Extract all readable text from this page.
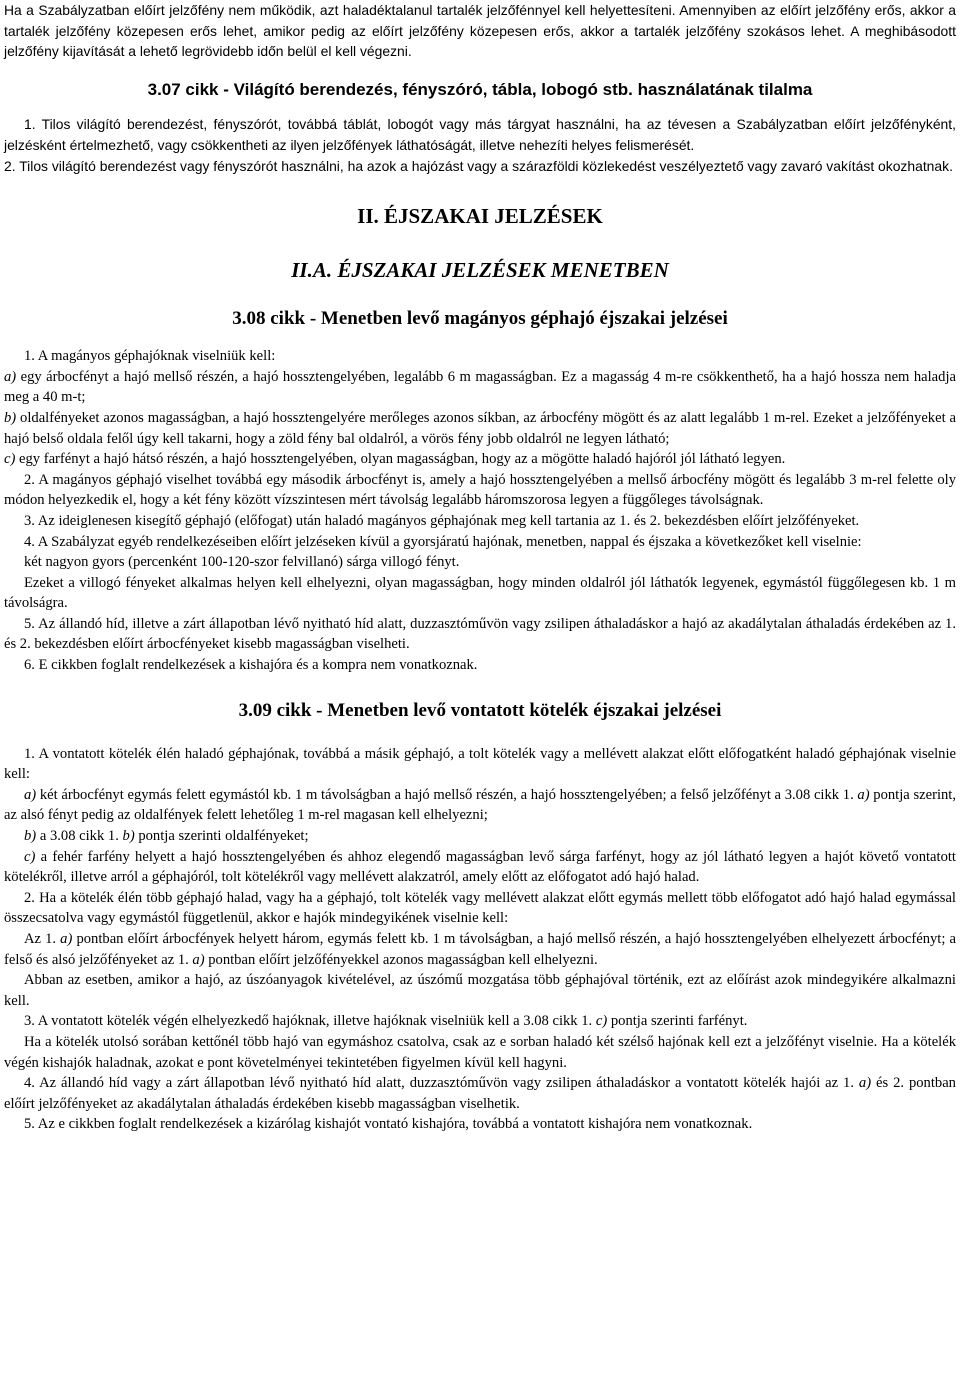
Ha a Szabályzatban előírt jelzőfény nem működik, azt haladéktalanul tartalék jelzőfénnyel kell helyettesíteni. Amennyiben az előírt jelzőfény erős, akkor a tartalék jelzőfény közepesen erős lehet, amikor pedig az előírt jelzőfény közepesen erős, akkor a tartalék jelzőfény szokásos lehet. A meghibásodott jelzőfény kijavítását a lehető legrövidebb időn belül el kell végezni.

3.07 cikk - Világító berendezés, fényszóró, tábla, lobogó stb. használatának tilalma

1. Tilos világító berendezést, fényszórót, továbbá táblát, lobogót vagy más tárgyat használni, ha az tévesen a Szabályzatban előírt jelzőfényként, jelzésként értelmezhető, vagy csökkentheti az ilyen jelzőfények láthatóságát, illetve nehezíti helyes felismerését.

2. Tilos világító berendezést vagy fényszórót használni, ha azok a hajózást vagy a szárazföldi közlekedést veszélyeztető vagy zavaró vakítást okozhatnak.

II. ÉJSZAKAI JELZÉSEK
II.A. ÉJSZAKAI JELZÉSEK MENETBEN
3.08 cikk - Menetben levő magányos géphajó éjszakai jelzései

1. A magányos géphajóknak viselniük kell:

a) egy árbocfényt a hajó mellső részén, a hajó hossztengelyében, legalább 6 m magasságban. Ez a magasság 4 m-re csökkenthető, ha a hajó hossza nem haladja meg a 40 m-t;

b) oldalfényeket azonos magasságban, a hajó hossztengelyére merőleges azonos síkban, az árbocfény mögött és az alatt legalább 1 m-rel. Ezeket a jelzőfényeket a hajó belső oldala felől úgy kell takarni, hogy a zöld fény bal oldalról, a vörös fény jobb oldalról ne legyen látható;

c) egy farfényt a hajó hátsó részén, a hajó hossztengelyében, olyan magasságban, hogy az a mögötte haladó hajóról jól látható legyen.

2. A magányos géphajó viselhet továbbá egy második árbocfényt is, amely a hajó hossztengelyében a mellső árbocfény mögött és legalább 3 m-rel felette oly módon helyezkedik el, hogy a két fény között vízszintesen mért távolság legalább háromszorosa legyen a függőleges távolságnak.

3. Az ideiglenesen kisegítő géphajó (előfogat) után haladó magányos géphajónak meg kell tartania az 1. és 2. bekezdésben előírt jelzőfényeket.

4. A Szabályzat egyéb rendelkezéseiben előírt jelzéseken kívül a gyorsjáratú hajónak, menetben, nappal és éjszaka a következőket kell viselnie:

két nagyon gyors (percenként 100-120-szor felvillanó) sárga villogó fényt.

Ezeket a villogó fényeket alkalmas helyen kell elhelyezni, olyan magasságban, hogy minden oldalról jól láthatók legyenek, egymástól függőlegesen kb. 1 m távolságra.

5. Az állandó híd, illetve a zárt állapotban lévő nyitható híd alatt, duzzasztóművön vagy zsilipen áthaladáskor a hajó az akadálytalan áthaladás érdekében az 1. és 2. bekezdésben előírt árbocfényeket kisebb magasságban viselheti.

6. E cikkben foglalt rendelkezések a kishajóra és a kompra nem vonatkoznak.

3.09 cikk - Menetben levő vontatott kötelék éjszakai jelzései

1. A vontatott kötelék élén haladó géphajónak, továbbá a másik géphajó, a tolt kötelék vagy a mellévett alakzat előtt előfogatként haladó géphajónak viselnie kell:

a) két árbocfényt egymás felett egymástól kb. 1 m távolságban a hajó mellső részén, a hajó hossztengelyében; a felső jelzőfényt a 3.08 cikk 1. a) pontja szerint, az alsó fényt pedig az oldalfények felett lehetőleg 1 m-rel magasan kell elhelyezni;

b) a 3.08 cikk 1. b) pontja szerinti oldalfényeket;

c) a fehér farfény helyett a hajó hossztengelyében és ahhoz elegendő magasságban levő sárga farfényt, hogy az jól látható legyen a hajót követő vontatott kötelékről, illetve arról a géphajóról, tolt kötelékről vagy mellévett alakzatról, amely előtt az előfogatot adó hajó halad.

2. Ha a kötelék élén több géphajó halad, vagy ha a géphajó, tolt kötelék vagy mellévett alakzat előtt egymás mellett több előfogatot adó hajó halad egymással összecsatolva vagy egymástól függetlenül, akkor e hajók mindegyikének viselnie kell:

Az 1. a) pontban előírt árbocfények helyett három, egymás felett kb. 1 m távolságban, a hajó mellső részén, a hajó hossztengelyében elhelyezett árbocfényt; a felső és alsó jelzőfényeket az 1. a) pontban előírt jelzőfényekkel azonos magasságban kell elhelyezni.

Abban az esetben, amikor a hajó, az úszóanyagok kivételével, az úszómű mozgatása több géphajóval történik, ezt az előírást azok mindegyikére alkalmazni kell.

3. A vontatott kötelék végén elhelyezkedő hajóknak, illetve hajóknak viselniük kell a 3.08 cikk 1. c) pontja szerinti farfényt.

Ha a kötelék utolsó sorában kettőnél több hajó van egymáshoz csatolva, csak az e sorban haladó két szélső hajónak kell ezt a jelzőfényt viselnie. Ha a kötelék végén kishajók haladnak, azokat e pont követelményei tekintetében figyelmen kívül kell hagyni.

4. Az állandó híd vagy a zárt állapotban lévő nyitható híd alatt, duzzasztóművön vagy zsilipen áthaladáskor a vontatott kötelék hajói az 1. a) és 2. pontban előírt jelzőfényeket az akadálytalan áthaladás érdekében kisebb magasságban viselhetik.

5. Az e cikkben foglalt rendelkezések a kizárólag kishajót vontató kishajóra, továbbá a vontatott kishajóra nem vonatkoznak.
